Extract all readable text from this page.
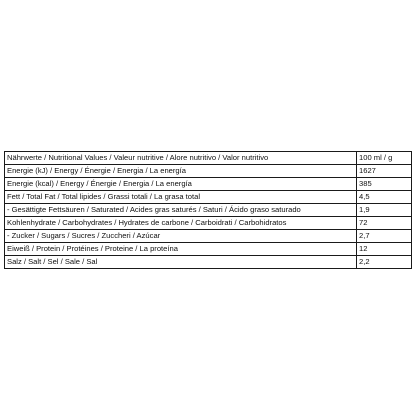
Nährwerte / Nutritional Values / Valeur nutritive / Alore nutritivo / Valor nutritivo	100 ml / g
Energie (kJ) / Energy / Énergie / Energia / La energía	1627
Energie (kcal) / Energy / Énergie / Energia / La energía	385
Fett / Total Fat / Total lipides / Grassi totali / La grasa total	4,5
- Gesättigte Fettsäuren / Saturated / Acides gras saturés / Saturi / Ácido graso saturado	1,9
Kohlenhydrate / Carbohydrates / Hydrates de carbone / Carboidrati / Carbohidratos	72
- Zucker / Sugars / Sucres / Zuccheri / Azúcar	2,7
Eiweiß / Protein / Protéines / Proteine / La proteína	12
Salz / Salt / Sel / Sale / Sal	2,2
